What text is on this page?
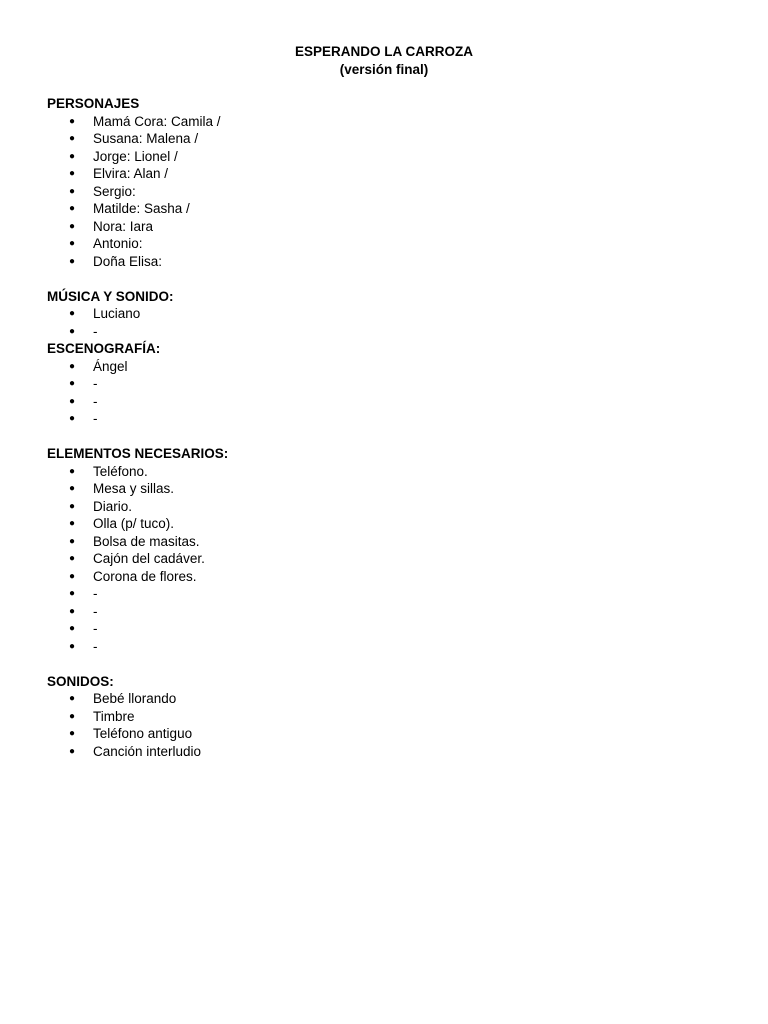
ESPERANDO LA CARROZA
(versión final)
PERSONAJES
● Mamá Cora: Camila /
● Susana: Malena /
● Jorge: Lionel /
● Elvira: Alan /
● Sergio:
● Matilde: Sasha /
● Nora: Iara
● Antonio:
● Doña Elisa:
MÚSICA Y SONIDO:
● Luciano
● -
ESCENOGRAFÍA:
● Ángel
● -
● -
● -
ELEMENTOS NECESARIOS:
● Teléfono.
● Mesa y sillas.
● Diario.
● Olla (p/ tuco).
● Bolsa de masitas.
● Cajón del cadáver.
● Corona de flores.
● -
● -
● -
● -
SONIDOS:
● Bebé llorando
● Timbre
● Teléfono antiguo
● Canción interludio
